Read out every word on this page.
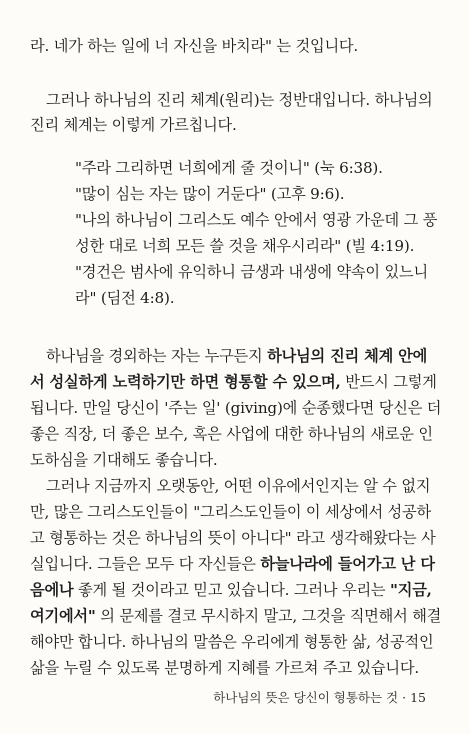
라. 네가 하는 일에 너 자신을 바치라" 는 것입니다.
그러나 하나님의 진리 체계(원리)는 정반대입니다. 하나님의
진리 체계는 이렇게 가르칩니다.
"주라 그리하면 너희에게 줄 것이니" (눅 6:38).
"많이 심는 자는 많이 거둔다" (고후 9:6).
"나의 하나님이 그리스도 예수 안에서 영광 가운데 그 풍
성한 대로 너희 모든 쓸 것을 채우시리라" (빌 4:19).
"경건은 범사에 유익하니 금생과 내생에 약속이 있느니
라" (딤전 4:8).
하나님을 경외하는 자는 누구든지 하나님의 진리 체계 안에
서 성실하게 노력하기만 하면 형통할 수 있으며, 반드시 그렇게
됩니다. 만일 당신이 '주는 일' (giving)에 순종했다면 당신은 더
좋은 직장, 더 좋은 보수, 혹은 사업에 대한 하나님의 새로운 인
도하심을 기대해도 좋습니다.
그러나 지금까지 오랫동안, 어떤 이유에서인지는 알 수 없지
만, 많은 그리스도인들이 "그리스도인들이 이 세상에서 성공하
고 형통하는 것은 하나님의 뜻이 아니다" 라고 생각해왔다는 사
실입니다. 그들은 모두 다 자신들은 하늘나라에 들어가고 난 다
음에나 좋게 될 것이라고 믿고 있습니다. 그러나 우리는 "지금,
여기에서" 의 문제를 결코 무시하지 말고, 그것을 직면해서 해결
해야만 합니다. 하나님의 말씀은 우리에게 형통한 삶, 성공적인
삶을 누릴 수 있도록 분명하게 지혜를 가르쳐 주고 있습니다.
하나님의 뜻은 당신이 형통하는 것 · 15
